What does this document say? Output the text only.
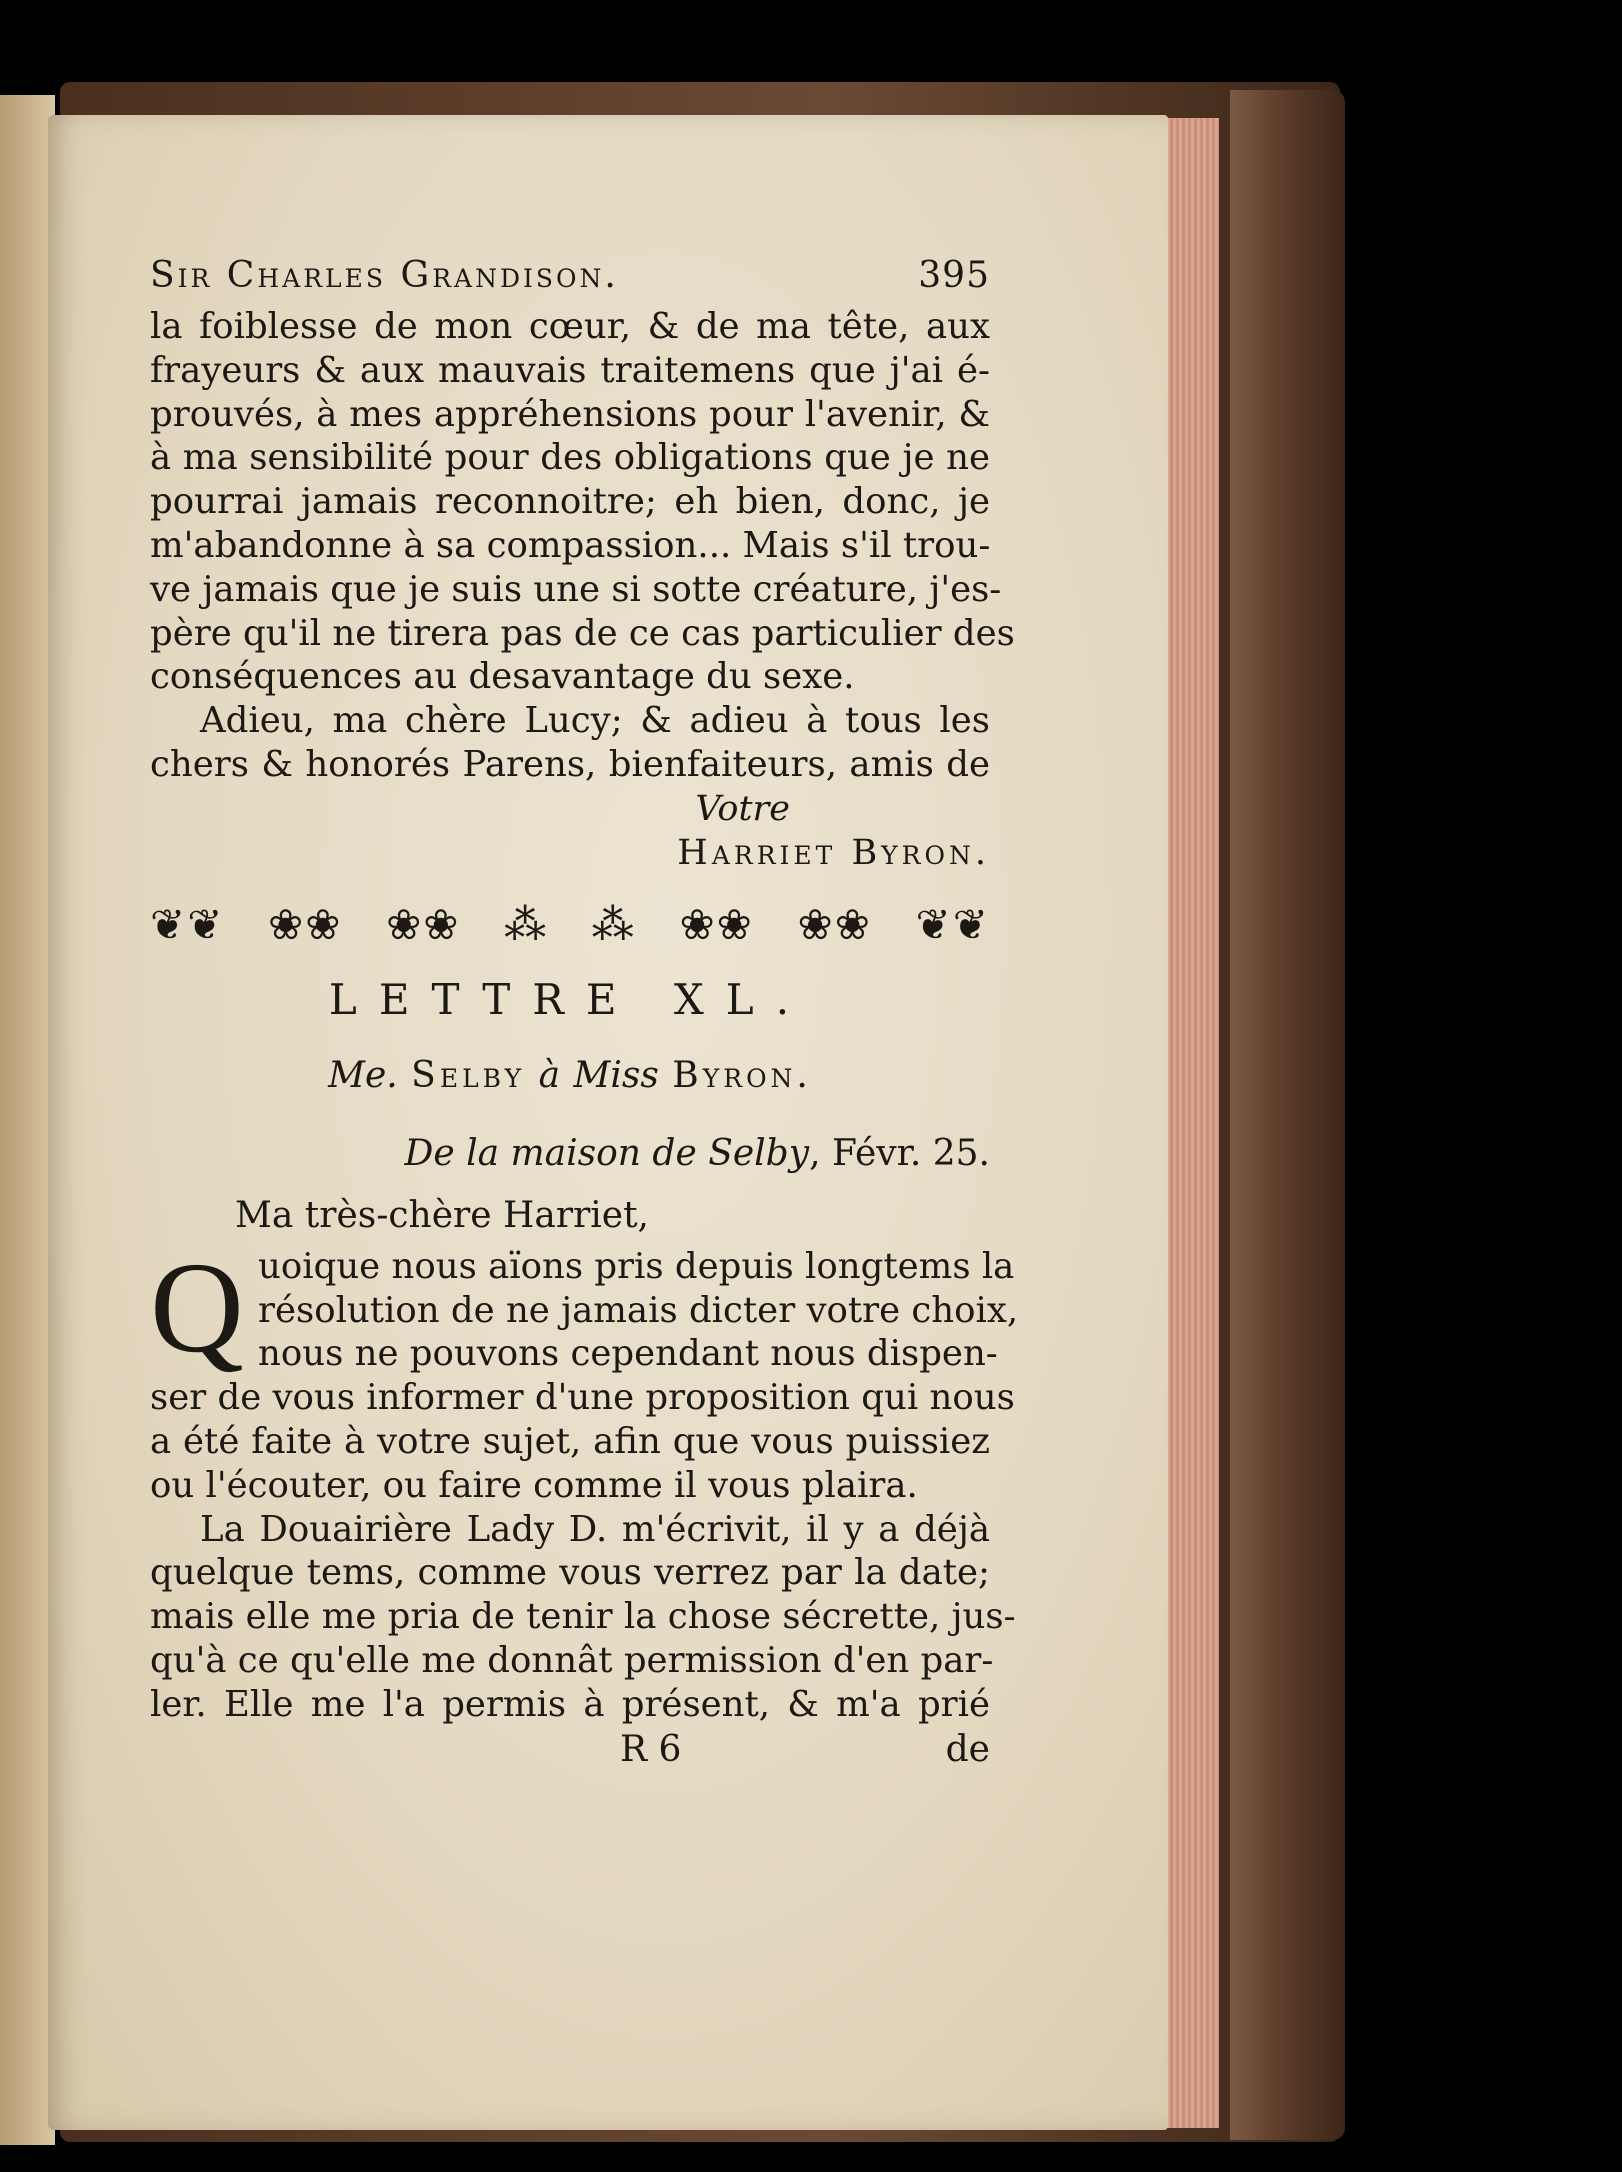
Sir Charles Grandison.	395
la foiblesse de mon cœur, & de ma tête, aux
frayeurs & aux mauvais traitemens que j'ai é-
prouvés, à mes appréhensions pour l'avenir, &
à ma sensibilité pour des obligations que je ne
pourrai jamais reconnoitre; eh bien, donc, je
m'abandonne à sa compassion... Mais s'il trou-
ve jamais que je suis une si sotte créature, j'es-
père qu'il ne tirera pas de ce cas particulier des
conséquences au desavantage du sexe.
Adieu, ma chère Lucy; & adieu à tous les
chers & honorés Parens, bienfaiteurs, amis de
Votre
Harriet Byron.
❦❦ ❀❀ ❀❀ ⁂ ⁂ ❀❀ ❀❀ ❦❦
LETTRE XL.
Me. Selby à Miss Byron.
De la maison de Selby, Févr. 25.
Ma très-chère Harriet,
Q uoique nous aïons pris depuis longtems la
résolution de ne jamais dicter votre choix,
nous ne pouvons cependant nous dispen-
ser de vous informer d'une proposition qui nous
a été faite à votre sujet, afin que vous puissiez
ou l'écouter, ou faire comme il vous plaira.
La Douairière Lady D. m'écrivit, il y a déjà
quelque tems, comme vous verrez par la date;
mais elle me pria de tenir la chose sécrette, jus-
qu'à ce qu'elle me donnât permission d'en par-
ler. Elle me l'a permis à présent, & m'a prié
R 6	de
